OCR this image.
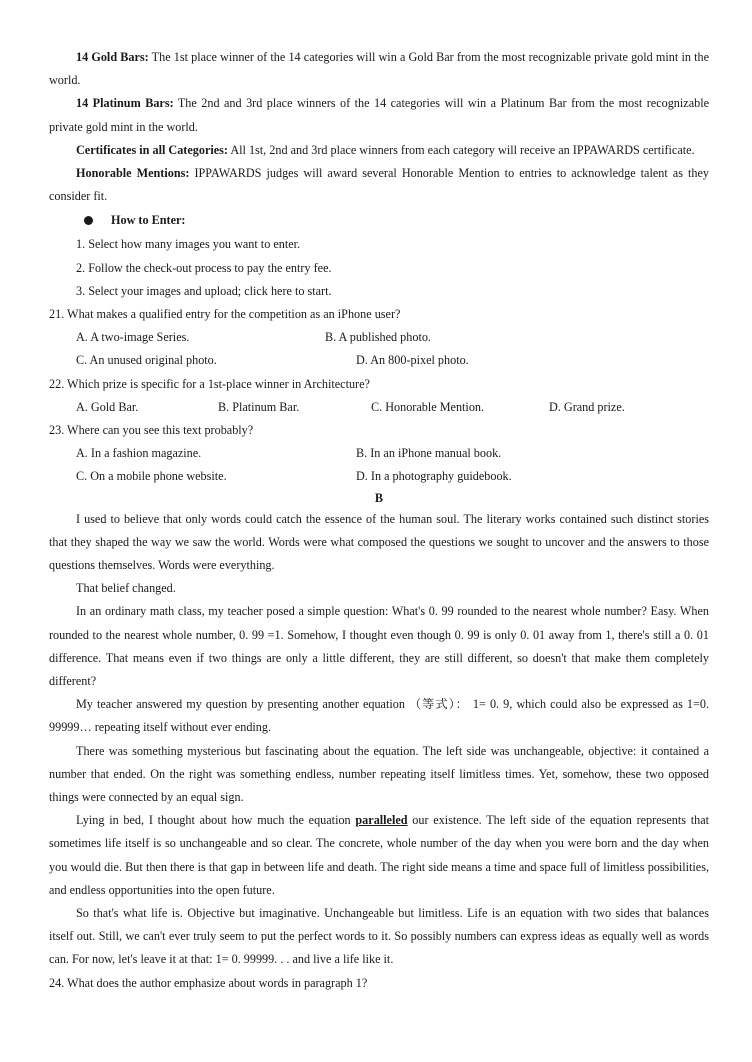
14 Gold Bars: The 1st place winner of the 14 categories will win a Gold Bar from the most recognizable private gold mint in the world.

14 Platinum Bars: The 2nd and 3rd place winners of the 14 categories will win a Platinum Bar from the most recognizable private gold mint in the world.

Certificates in all Categories: All 1st, 2nd and 3rd place winners from each category will receive an IPPAWARDS certificate.

Honorable Mentions: IPPAWARDS judges will award several Honorable Mention to entries to acknowledge talent as they consider fit.

How to Enter:

1. Select how many images you want to enter.

2. Follow the check-out process to pay the entry fee.

3. Select your images and upload; click here to start.

21. What makes a qualified entry for the competition as an iPhone user?

A. A two-image Series.	B. A published photo.
C. An unused original photo.	D. An 800-pixel photo.

22. Which prize is specific for a 1st-place winner in Architecture?

A. Gold Bar.	B. Platinum Bar.	C. Honorable Mention.	D. Grand prize.

23. Where can you see this text probably?

A. In a fashion magazine.	B. In an iPhone manual book.
C. On a mobile phone website.	D. In a photography guidebook.

B

I used to believe that only words could catch the essence of the human soul. The literary works contained such distinct stories that they shaped the way we saw the world. Words were what composed the questions we sought to uncover and the answers to those questions themselves. Words were everything.

That belief changed.

In an ordinary math class, my teacher posed a simple question: What's 0. 99 rounded to the nearest whole number? Easy. When rounded to the nearest whole number, 0. 99 =1. Somehow, I thought even though 0. 99 is only 0. 01 away from 1, there's still a 0. 01 difference. That means even if two things are only a little different, they are still different, so doesn't that make them completely different?

My teacher answered my question by presenting another equation （等式）： 1= 0. 9, which could also be expressed as 1=0. 99999… repeating itself without ever ending.

There was something mysterious but fascinating about the equation. The left side was unchangeable, objective: it contained a number that ended. On the right was something endless, number repeating itself limitless times. Yet, somehow, these two opposed things were connected by an equal sign.

Lying in bed, I thought about how much the equation paralleled our existence. The left side of the equation represents that sometimes life itself is so unchangeable and so clear. The concrete, whole number of the day when you were born and the day when you would die. But then there is that gap in between life and death. The right side means a time and space full of limitless possibilities, and endless opportunities into the open future.

So that's what life is. Objective but imaginative. Unchangeable but limitless. Life is an equation with two sides that balances itself out. Still, we can't ever truly seem to put the perfect words to it. So possibly numbers can express ideas as equally well as words can. For now, let's leave it at that: 1= 0. 99999. . . and live a life like it.

24. What does the author emphasize about words in paragraph 1?
